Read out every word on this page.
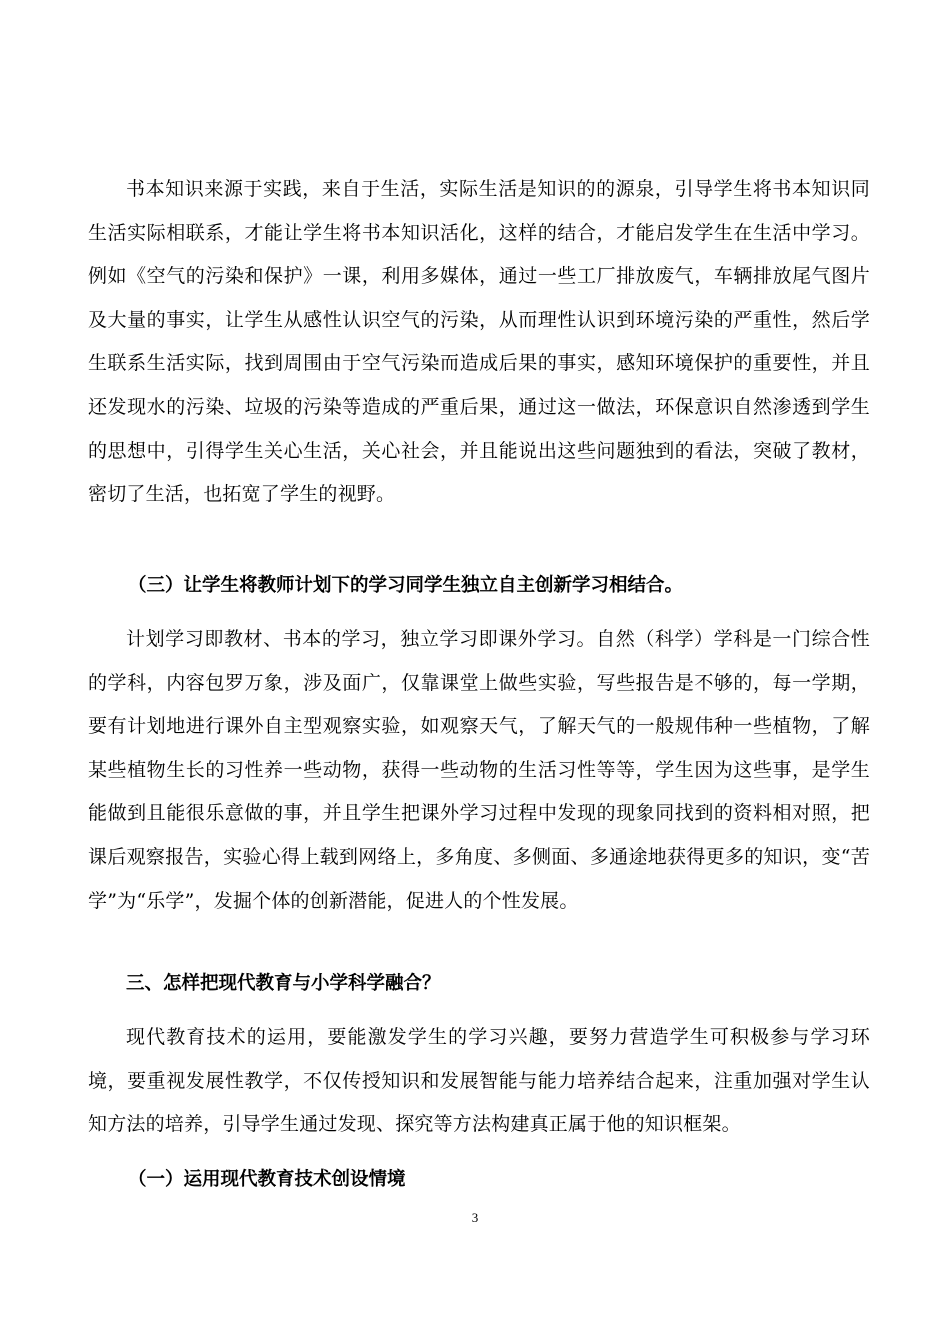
书本知识来源于实践，来自于生活，实际生活是知识的的源泉，引导学生将书本知识同生活实际相联系，才能让学生将书本知识活化，这样的结合，才能启发学生在生活中学习。例如《空气的污染和保护》一课，利用多媒体，通过一些工厂排放废气，车辆排放尾气图片及大量的事实，让学生从感性认识空气的污染，从而理性认识到环境污染的严重性，然后学生联系生活实际，找到周围由于空气污染而造成后果的事实，感知环境保护的重要性，并且还发现水的污染、垃圾的污染等造成的严重后果，通过这一做法，环保意识自然渗透到学生的思想中，引得学生关心生活，关心社会，并且能说出这些问题独到的看法，突破了教材，密切了生活，也拓宽了学生的视野。

（三）让学生将教师计划下的学习同学生独立自主创新学习相结合。

计划学习即教材、书本的学习，独立学习即课外学习。自然（科学）学科是一门综合性的学科，内容包罗万象，涉及面广，仅靠课堂上做些实验，写些报告是不够的，每一学期，要有计划地进行课外自主型观察实验，如观察天气，了解天气的一般规伟种一些植物，了解某些植物生长的习性养一些动物，获得一些动物的生活习性等等，学生因为这些事，是学生能做到且能很乐意做的事，并且学生把课外学习过程中发现的现象同找到的资料相对照，把课后观察报告，实验心得上载到网络上，多角度、多侧面、多通途地获得更多的知识，变“苦学”为“乐学”，发掘个体的创新潜能，促进人的个性发展。

三、怎样把现代教育与小学科学融合？

现代教育技术的运用，要能激发学生的学习兴趣，要努力营造学生可积极参与学习环境，要重视发展性教学，不仅传授知识和发展智能与能力培养结合起来，注重加强对学生认知方法的培养，引导学生通过发现、探究等方法构建真正属于他的知识框架。

（一）运用现代教育技术创设情境

3
